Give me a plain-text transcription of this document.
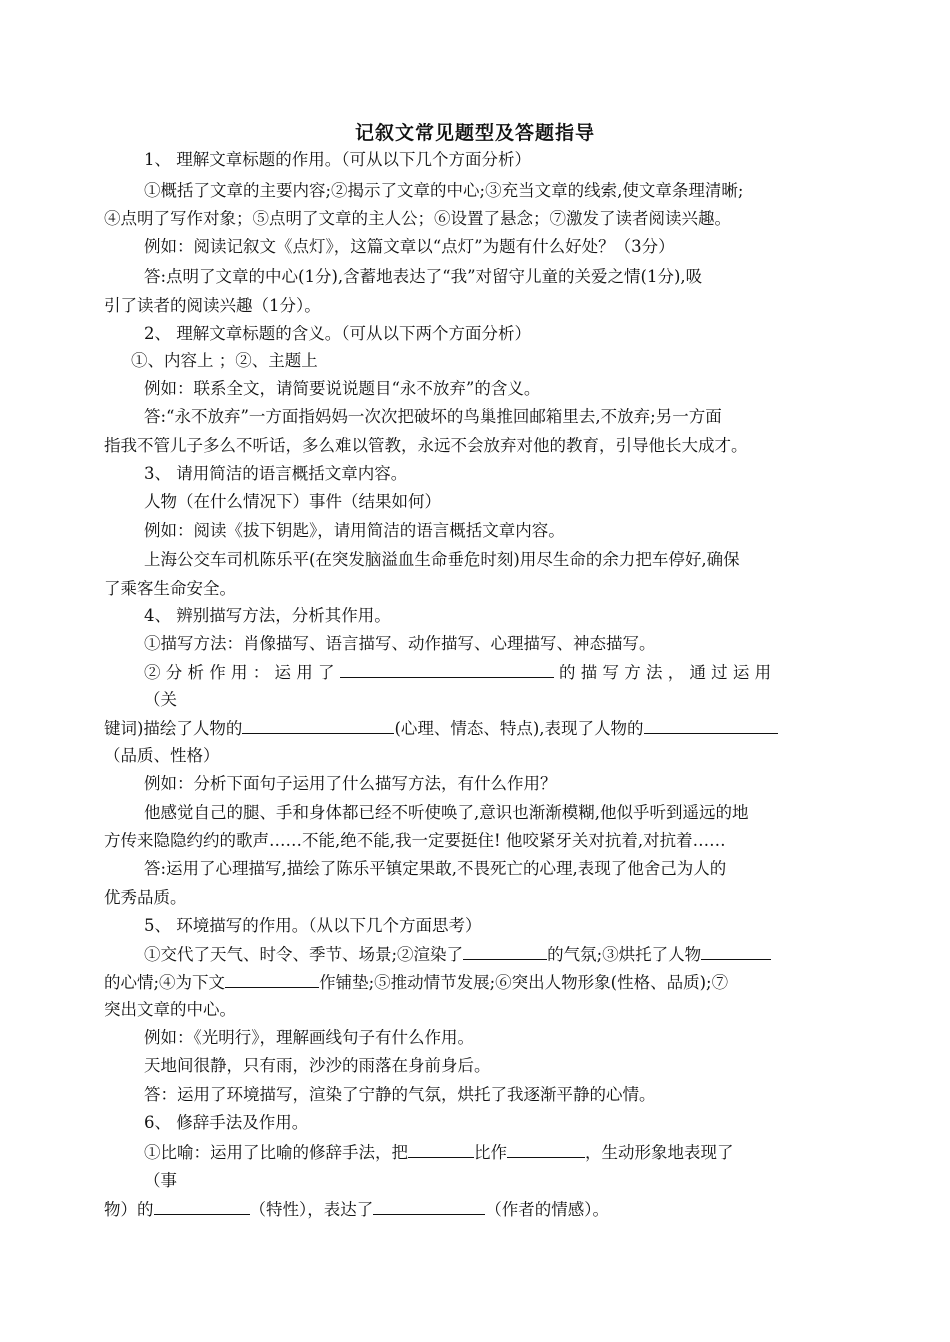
记叙文常见题型及答题指导
1、 理解文章标题的作用。（可从以下几个方面分析）
①概括了文章的主要内容;②揭示了文章的中心;③充当文章的线索,使文章条理清晰;
④点明了写作对象；⑤点明了文章的主人公；⑥设置了悬念；⑦激发了读者阅读兴趣。
例如：阅读记叙文《点灯》，这篇文章以“点灯”为题有什么好处？（3分）
答:点明了文章的中心(1分),含蓄地表达了“我”对留守儿童的关爱之情(1分),吸
引了读者的阅读兴趣（1分）。
2、 理解文章标题的含义。（可从以下两个方面分析）
①、内容上 ；②、主题上
例如：联系全文，请简要说说题目“永不放弃”的含义。
答:“永不放弃”一方面指妈妈一次次把破坏的鸟巢推回邮箱里去,不放弃;另一方面
指我不管儿子多么不听话，多么难以管教，永远不会放弃对他的教育，引导他长大成才。
3、 请用简洁的语言概括文章内容。
人物（在什么情况下）事件（结果如何）
例如：阅读《拔下钥匙》，请用简洁的语言概括文章内容。
上海公交车司机陈乐平(在突发脑溢血生命垂危时刻)用尽生命的余力把车停好,确保
了乘客生命安全。
4、 辨别描写方法，分析其作用。
①描写方法：肖像描写、语言描写、动作描写、心理描写、神态描写。
② 分 析 作 用 ： 运 用 了	的 描 写 方 法 ， 通 过 运 用
（关
键词)描绘了人物的	(心理、情态、特点),表现了人物的
（品质、性格）
例如：分析下面句子运用了什么描写方法，有什么作用？
他感觉自己的腿、手和身体都已经不听使唤了,意识也渐渐模糊,他似乎听到遥远的地
方传来隐隐约约的歌声……不能,绝不能,我一定要挺住! 他咬紧牙关对抗着,对抗着……
答:运用了心理描写,描绘了陈乐平镇定果敢,不畏死亡的心理,表现了他舍己为人的
优秀品质。
5、 环境描写的作用。（从以下几个方面思考）
①交代了天气、时令、季节、场景;②渲染了	的气氛;③烘托了人物
的心情;④为下文	作铺垫;⑤推动情节发展;⑥突出人物形象(性格、品质);⑦
突出文章的中心。
例如：《光明行》，理解画线句子有什么作用。
天地间很静，只有雨，沙沙的雨落在身前身后。
答：运用了环境描写，渲染了宁静的气氛，烘托了我逐渐平静的心情。
6、 修辞手法及作用。
①比喻：运用了比喻的修辞手法，把	比作	，生动形象地表现了
（事
物）的	（特性），表达了	（作者的情感）。
